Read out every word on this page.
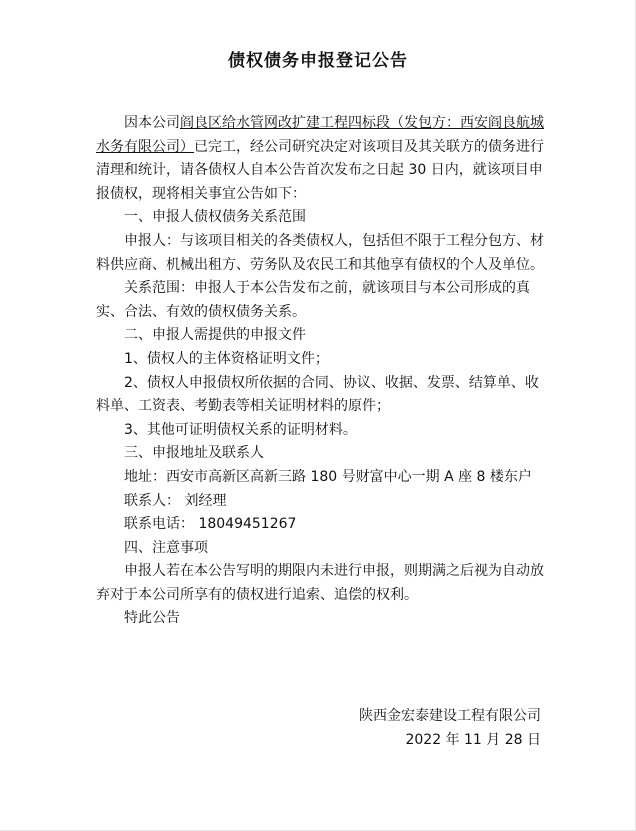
债权债务申报登记公告

因本公司阎良区给水管网改扩建工程四标段（发包方：西安阎良航城水务有限公司）已完工，经公司研究决定对该项目及其关联方的债务进行清理和统计，请各债权人自本公告首次发布之日起 30 日内，就该项目申报债权，现将相关事宜公告如下：

一、申报人债权债务关系范围

申报人：与该项目相关的各类债权人，包括但不限于工程分包方、材料供应商、机械出租方、劳务队及农民工和其他享有债权的个人及单位。

关系范围：申报人于本公告发布之前，就该项目与本公司形成的真实、合法、有效的债权债务关系。

二、申报人需提供的申报文件

1、债权人的主体资格证明文件；

2、债权人申报债权所依据的合同、协议、收据、发票、结算单、收料单、工资表、考勤表等相关证明材料的原件；

3、其他可证明债权关系的证明材料。

三、申报地址及联系人

地址：西安市高新区高新三路 180 号财富中心一期 A 座 8 楼东户

联系人： 刘经理

联系电话： 18049451267

四、注意事项

申报人若在本公告写明的期限内未进行申报，则期满之后视为自动放弃对于本公司所享有的债权进行追索、追偿的权利。

特此公告

陕西金宏泰建设工程有限公司
2022 年 11 月 28 日
